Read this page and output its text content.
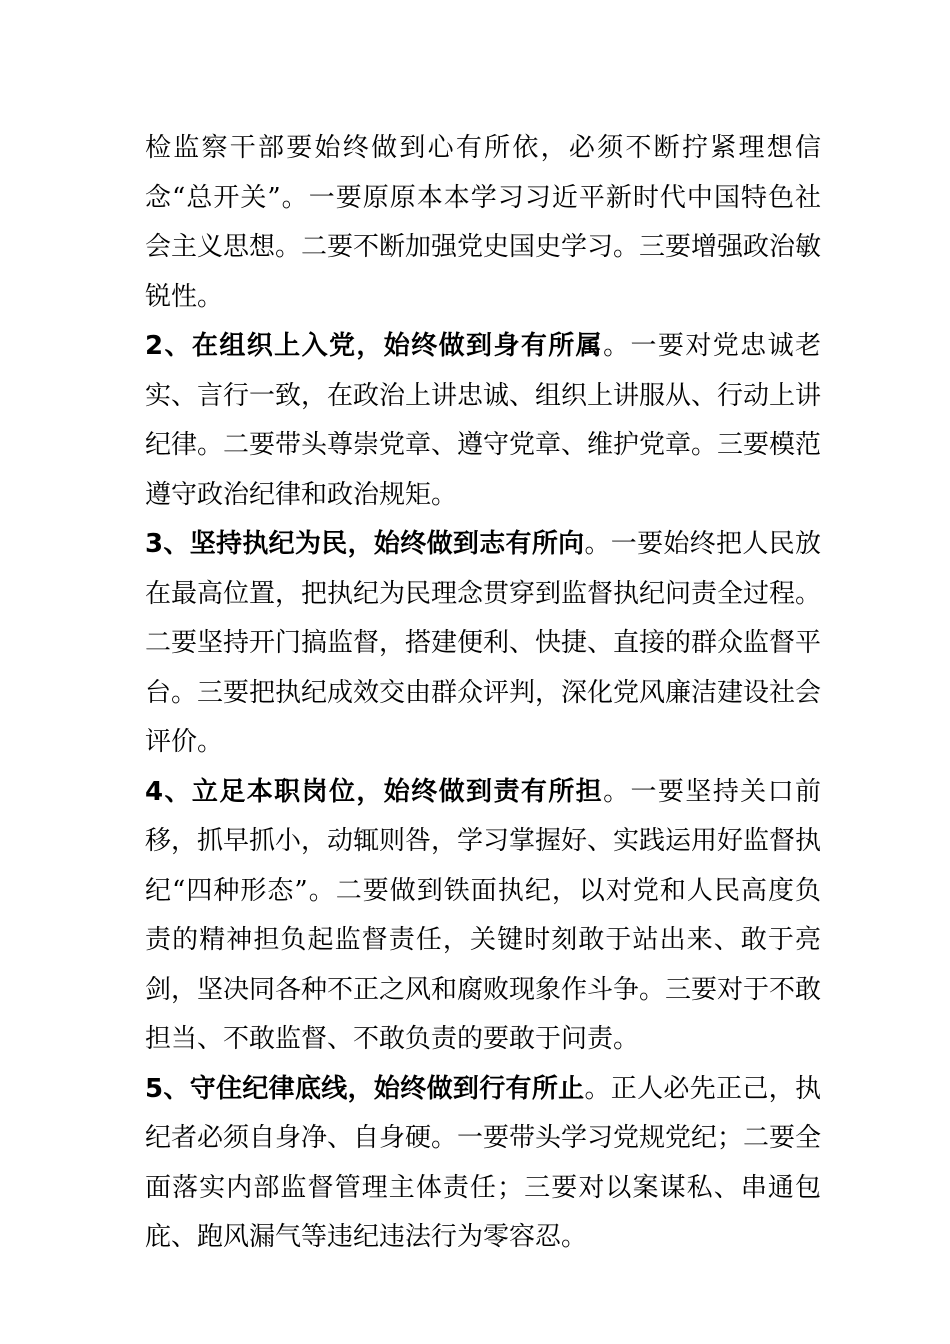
检监察干部要始终做到心有所依，必须不断拧紧理想信念“总开关”。一要原原本本学习习近平新时代中国特色社会主义思想。二要不断加强党史国史学习。三要增强政治敏锐性。

2、在组织上入党，始终做到身有所属。一要对党忠诚老实、言行一致，在政治上讲忠诚、组织上讲服从、行动上讲纪律。二要带头尊崇党章、遵守党章、维护党章。三要模范遵守政治纪律和政治规矩。

3、坚持执纪为民，始终做到志有所向。一要始终把人民放在最高位置，把执纪为民理念贯穿到监督执纪问责全过程。二要坚持开门搞监督，搭建便利、快捷、直接的群众监督平台。三要把执纪成效交由群众评判，深化党风廉洁建设社会评价。

4、立足本职岗位，始终做到责有所担。一要坚持关口前移，抓早抓小，动辄则咎，学习掌握好、实践运用好监督执纪“四种形态”。二要做到铁面执纪，以对党和人民高度负责的精神担负起监督责任，关键时刻敢于站出来、敢于亮剑，坚决同各种不正之风和腐败现象作斗争。三要对于不敢担当、不敢监督、不敢负责的要敢于问责。

5、守住纪律底线，始终做到行有所止。正人必先正己，执纪者必须自身净、自身硬。一要带头学习党规党纪；二要全面落实内部监督管理主体责任；三要对以案谋私、串通包庇、跑风漏气等违纪违法行为零容忍。
